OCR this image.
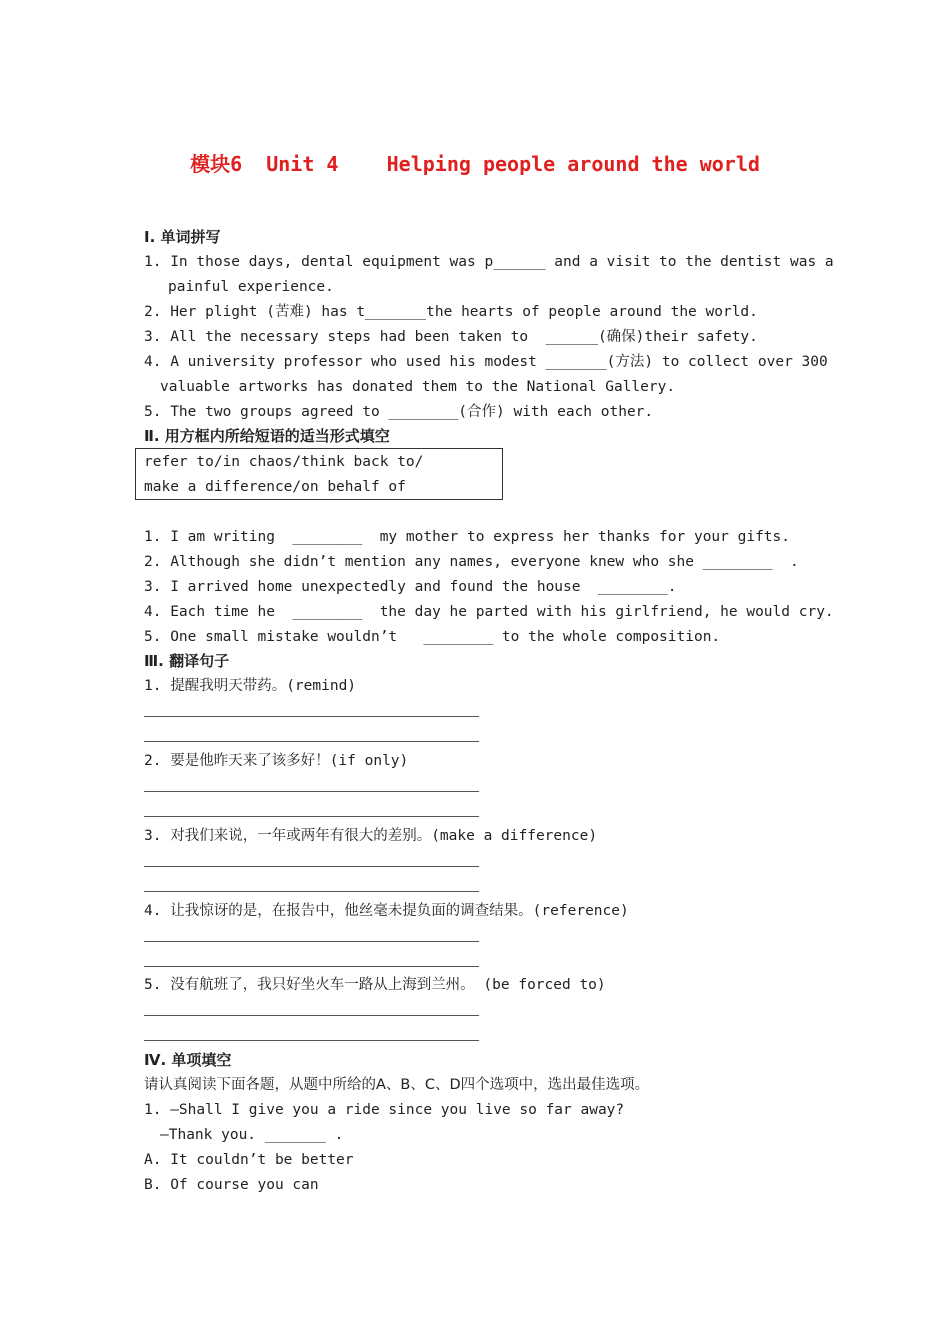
模块6  Unit 4    Helping people around the world
Ⅰ. 单词拼写
1. In those days, dental equipment was p______ and a visit to the dentist was a
painful experience.
2. Her plight (苦难) has t_______the hearts of people around the world.
3. All the necessary steps had been taken to  ______(确保)their safety.
4. A university professor who used his modest _______(方法) to collect over 300
valuable artworks has donated them to the National Gallery.
5. The two groups agreed to ________(合作) with each other.
Ⅱ. 用方框内所给短语的适当形式填空
refer to/in chaos/think back to/
make a difference/on behalf of
1. I am writing  ________  my mother to express her thanks for your gifts.
2. Although she didn’t mention any names, everyone knew who she ________  .
3. I arrived home unexpectedly and found the house  ________.
4. Each time he  ________  the day he parted with his girlfriend, he would cry.
5. One small mistake wouldn’t   ________ to the whole composition.
Ⅲ. 翻译句子
1. 提醒我明天带药。(remind)
2. 要是他昨天来了该多好！(if only)
3. 对我们来说，一年或两年有很大的差别。(make a difference)
4. 让我惊讶的是，在报告中，他丝毫未提负面的调查结果。(reference)
5. 没有航班了，我只好坐火车一路从上海到兰州。 (be forced to)
Ⅳ. 单项填空
请认真阅读下面各题，从题中所给的A、B、C、D四个选项中，选出最佳选项。
1. —Shall I give you a ride since you live so far away?
—Thank you. _______ .
A. It couldn’t be better
B. Of course you can
